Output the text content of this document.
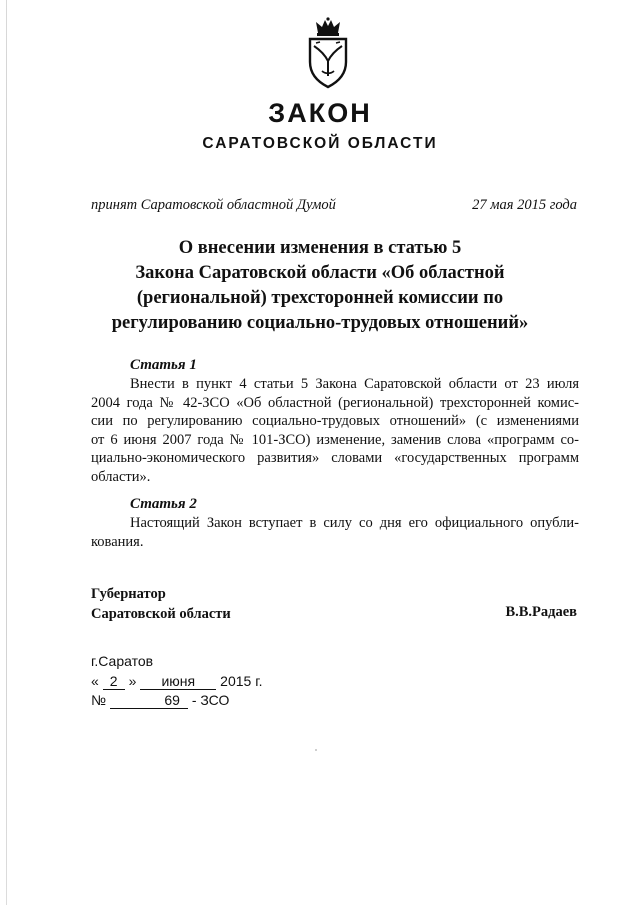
ЗАКОН
САРАТОВСКОЙ ОБЛАСТИ
принят Саратовской областной Думой	27 мая 2015 года
О внесении изменения в статью 5
Закона Саратовской области «Об областной
(региональной) трехсторонней комиссии по
регулированию социально-трудовых отношений»
Статья 1
Внести в пункт 4 статьи 5 Закона Саратовской области от 23 июля
2004 года № 42-ЗСО «Об областной (региональной) трехсторонней комис-
сии по регулированию социально-трудовых отношений» (с изменениями
от 6 июня 2007 года № 101-ЗСО) изменение, заменив слова «программ со-
циально-экономического развития» словами «государственных программ
области».
Статья 2
Настоящий Закон вступает в силу со дня его официального опубли-
кования.
Губернатор
Саратовской области	В.В.Радаев
г.Саратов
« 2 » июня 2015 г.
№	69 - ЗСО
